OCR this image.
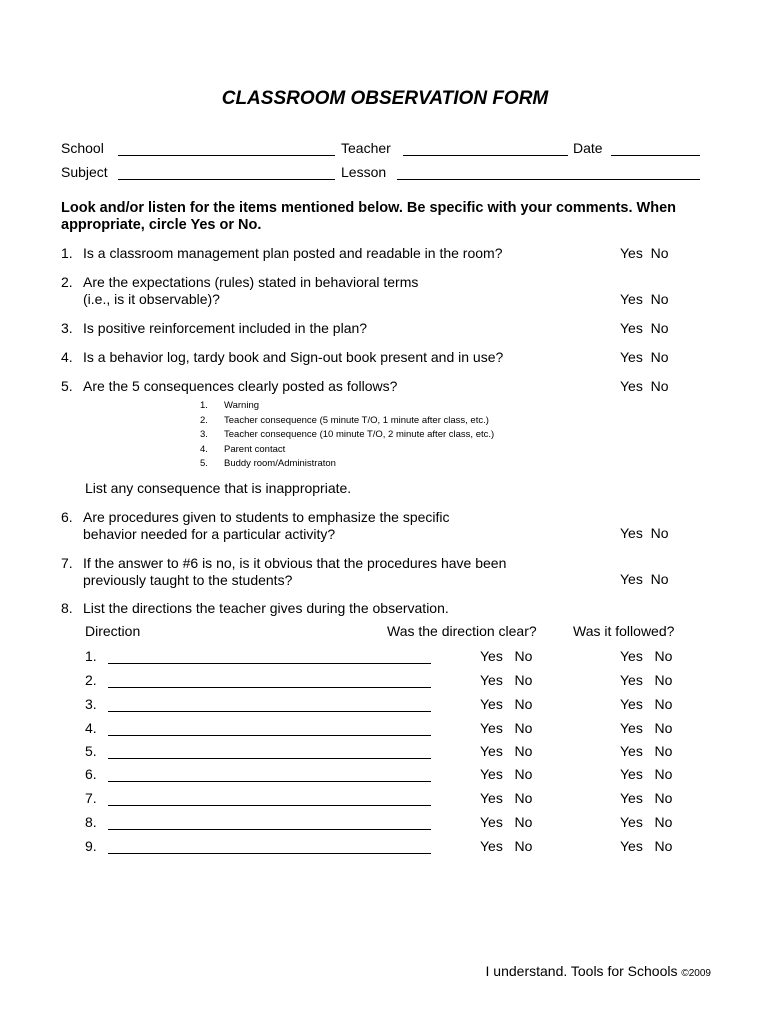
CLASSROOM OBSERVATION FORM
School	Teacher	Date
Subject	Lesson
Look and/or listen for the items mentioned below. Be specific with your comments. When appropriate, circle Yes or No.
1. Is a classroom management plan posted and readable in the room?	Yes No
2. Are the expectations (rules) stated in behavioral terms
(i.e., is it observable)?	Yes No
3. Is positive reinforcement included in the plan?	Yes No
4. Is a behavior log, tardy book and Sign-out book present and in use?	Yes No
5. Are the 5 consequences clearly posted as follows?	Yes No
1. Warning
2. Teacher consequence (5 minute T/O, 1 minute after class, etc.)
3. Teacher consequence (10 minute T/O, 2 minute after class, etc.)
4. Parent contact
5. Buddy room/Administraton
List any consequence that is inappropriate.
6. Are procedures given to students to emphasize the specific
behavior needed for a particular activity?	Yes No
7. If the answer to #6 is no, is it obvious that the procedures have been
previously taught to the students?	Yes No
8. List the directions the teacher gives during the observation.
Direction	Was the direction clear?	Was it followed?
1.	Yes No	Yes No
2.	Yes No	Yes No
3.	Yes No	Yes No
4.	Yes No	Yes No
5.	Yes No	Yes No
6.	Yes No	Yes No
7.	Yes No	Yes No
8.	Yes No	Yes No
9.	Yes No	Yes No
I understand. Tools for Schools ©2009
